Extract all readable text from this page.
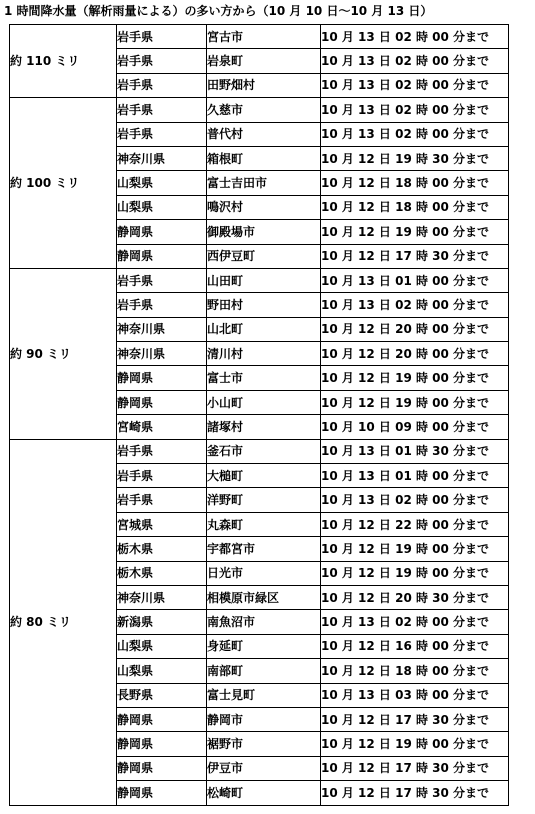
1 時間降水量（解析雨量による）の多い方から（10 月 10 日〜10 月 13 日）
約 110 ミリ	岩手県	宮古市	10 月 13 日 02 時 00 分まで
	岩手県	岩泉町	10 月 13 日 02 時 00 分まで
	岩手県	田野畑村	10 月 13 日 02 時 00 分まで
約 100 ミリ	岩手県	久慈市	10 月 13 日 02 時 00 分まで
	岩手県	普代村	10 月 13 日 02 時 00 分まで
	神奈川県	箱根町	10 月 12 日 19 時 30 分まで
	山梨県	富士吉田市	10 月 12 日 18 時 00 分まで
	山梨県	鳴沢村	10 月 12 日 18 時 00 分まで
	静岡県	御殿場市	10 月 12 日 19 時 00 分まで
	静岡県	西伊豆町	10 月 12 日 17 時 30 分まで
約 90 ミリ	岩手県	山田町	10 月 13 日 01 時 00 分まで
	岩手県	野田村	10 月 13 日 02 時 00 分まで
	神奈川県	山北町	10 月 12 日 20 時 00 分まで
	神奈川県	清川村	10 月 12 日 20 時 00 分まで
	静岡県	富士市	10 月 12 日 19 時 00 分まで
	静岡県	小山町	10 月 12 日 19 時 00 分まで
	宮崎県	諸塚村	10 月 10 日 09 時 00 分まで
約 80 ミリ	岩手県	釜石市	10 月 13 日 01 時 30 分まで
	岩手県	大槌町	10 月 13 日 01 時 00 分まで
	岩手県	洋野町	10 月 13 日 02 時 00 分まで
	宮城県	丸森町	10 月 12 日 22 時 00 分まで
	栃木県	宇都宮市	10 月 12 日 19 時 00 分まで
	栃木県	日光市	10 月 12 日 19 時 00 分まで
	神奈川県	相模原市緑区	10 月 12 日 20 時 30 分まで
	新潟県	南魚沼市	10 月 13 日 02 時 00 分まで
	山梨県	身延町	10 月 12 日 16 時 00 分まで
	山梨県	南部町	10 月 12 日 18 時 00 分まで
	長野県	富士見町	10 月 13 日 03 時 00 分まで
	静岡県	静岡市	10 月 12 日 17 時 30 分まで
	静岡県	裾野市	10 月 12 日 19 時 00 分まで
	静岡県	伊豆市	10 月 12 日 17 時 30 分まで
	静岡県	松崎町	10 月 12 日 17 時 30 分まで
